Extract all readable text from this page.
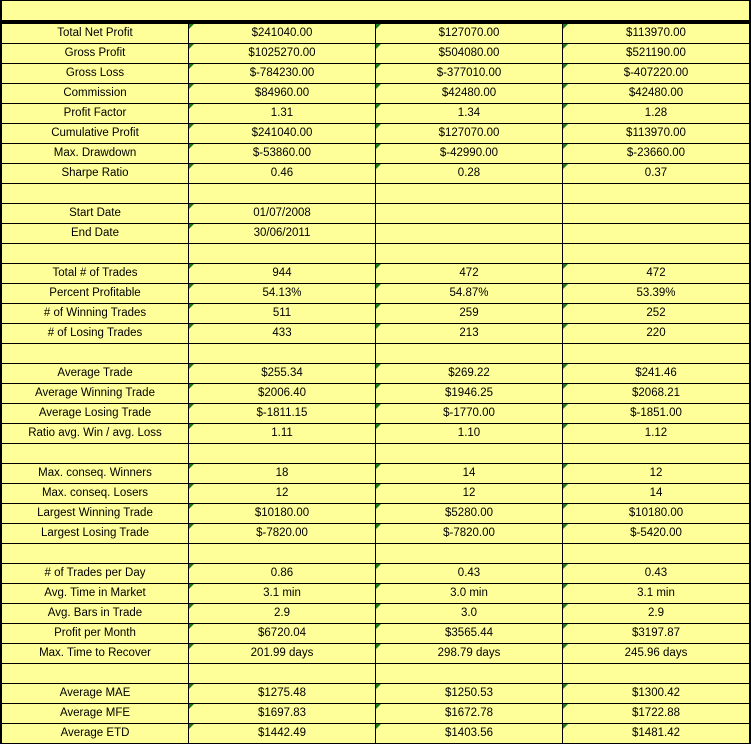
Total Net Profit	$241040.00	$127070.00	$113970.00
Gross Profit	$1025270.00	$504080.00	$521190.00
Gross Loss	$-784230.00	$-377010.00	$-407220.00
Commission	$84960.00	$42480.00	$42480.00
Profit Factor	1.31	1.34	1.28
Cumulative Profit	$241040.00	$127070.00	$113970.00
Max. Drawdown	$-53860.00	$-42990.00	$-23660.00
Sharpe Ratio	0.46	0.28	0.37
Start Date	01/07/2008
End Date	30/06/2011
Total # of Trades	944	472	472
Percent Profitable	54.13%	54.87%	53.39%
# of Winning Trades	511	259	252
# of Losing Trades	433	213	220
Average Trade	$255.34	$269.22	$241.46
Average Winning Trade	$2006.40	$1946.25	$2068.21
Average Losing Trade	$-1811.15	$-1770.00	$-1851.00
Ratio avg. Win / avg. Loss	1.11	1.10	1.12
Max. conseq. Winners	18	14	12
Max. conseq. Losers	12	12	14
Largest Winning Trade	$10180.00	$5280.00	$10180.00
Largest Losing Trade	$-7820.00	$-7820.00	$-5420.00
# of Trades per Day	0.86	0.43	0.43
Avg. Time in Market	3.1 min	3.0 min	3.1 min
Avg. Bars in Trade	2.9	3.0	2.9
Profit per Month	$6720.04	$3565.44	$3197.87
Max. Time to Recover	201.99 days	298.79 days	245.96 days
Average MAE	$1275.48	$1250.53	$1300.42
Average MFE	$1697.83	$1672.78	$1722.88
Average ETD	$1442.49	$1403.56	$1481.42
